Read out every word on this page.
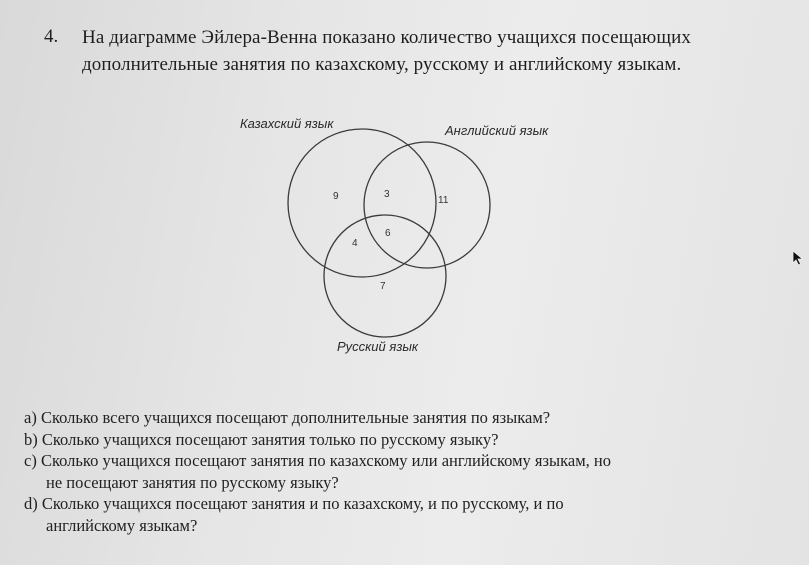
4. На диаграмме Эйлера-Венна показано количество учащихся посещающих
дополнительные занятия по казахскому, русскому и английскому языкам.
Казахский язык	Английский язык
Русский язык
9	3
11
4
6
7
a) Сколько всего учащихся посещают дополнительные занятия по языкам?
b) Сколько учащихся посещают занятия только по русскому языку?
c) Сколько учащихся посещают занятия по казахскому или английскому языкам, но
не посещают занятия по русскому языку?
d) Сколько учащихся посещают занятия и по казахскому, и по русскому, и по
английскому языкам?
